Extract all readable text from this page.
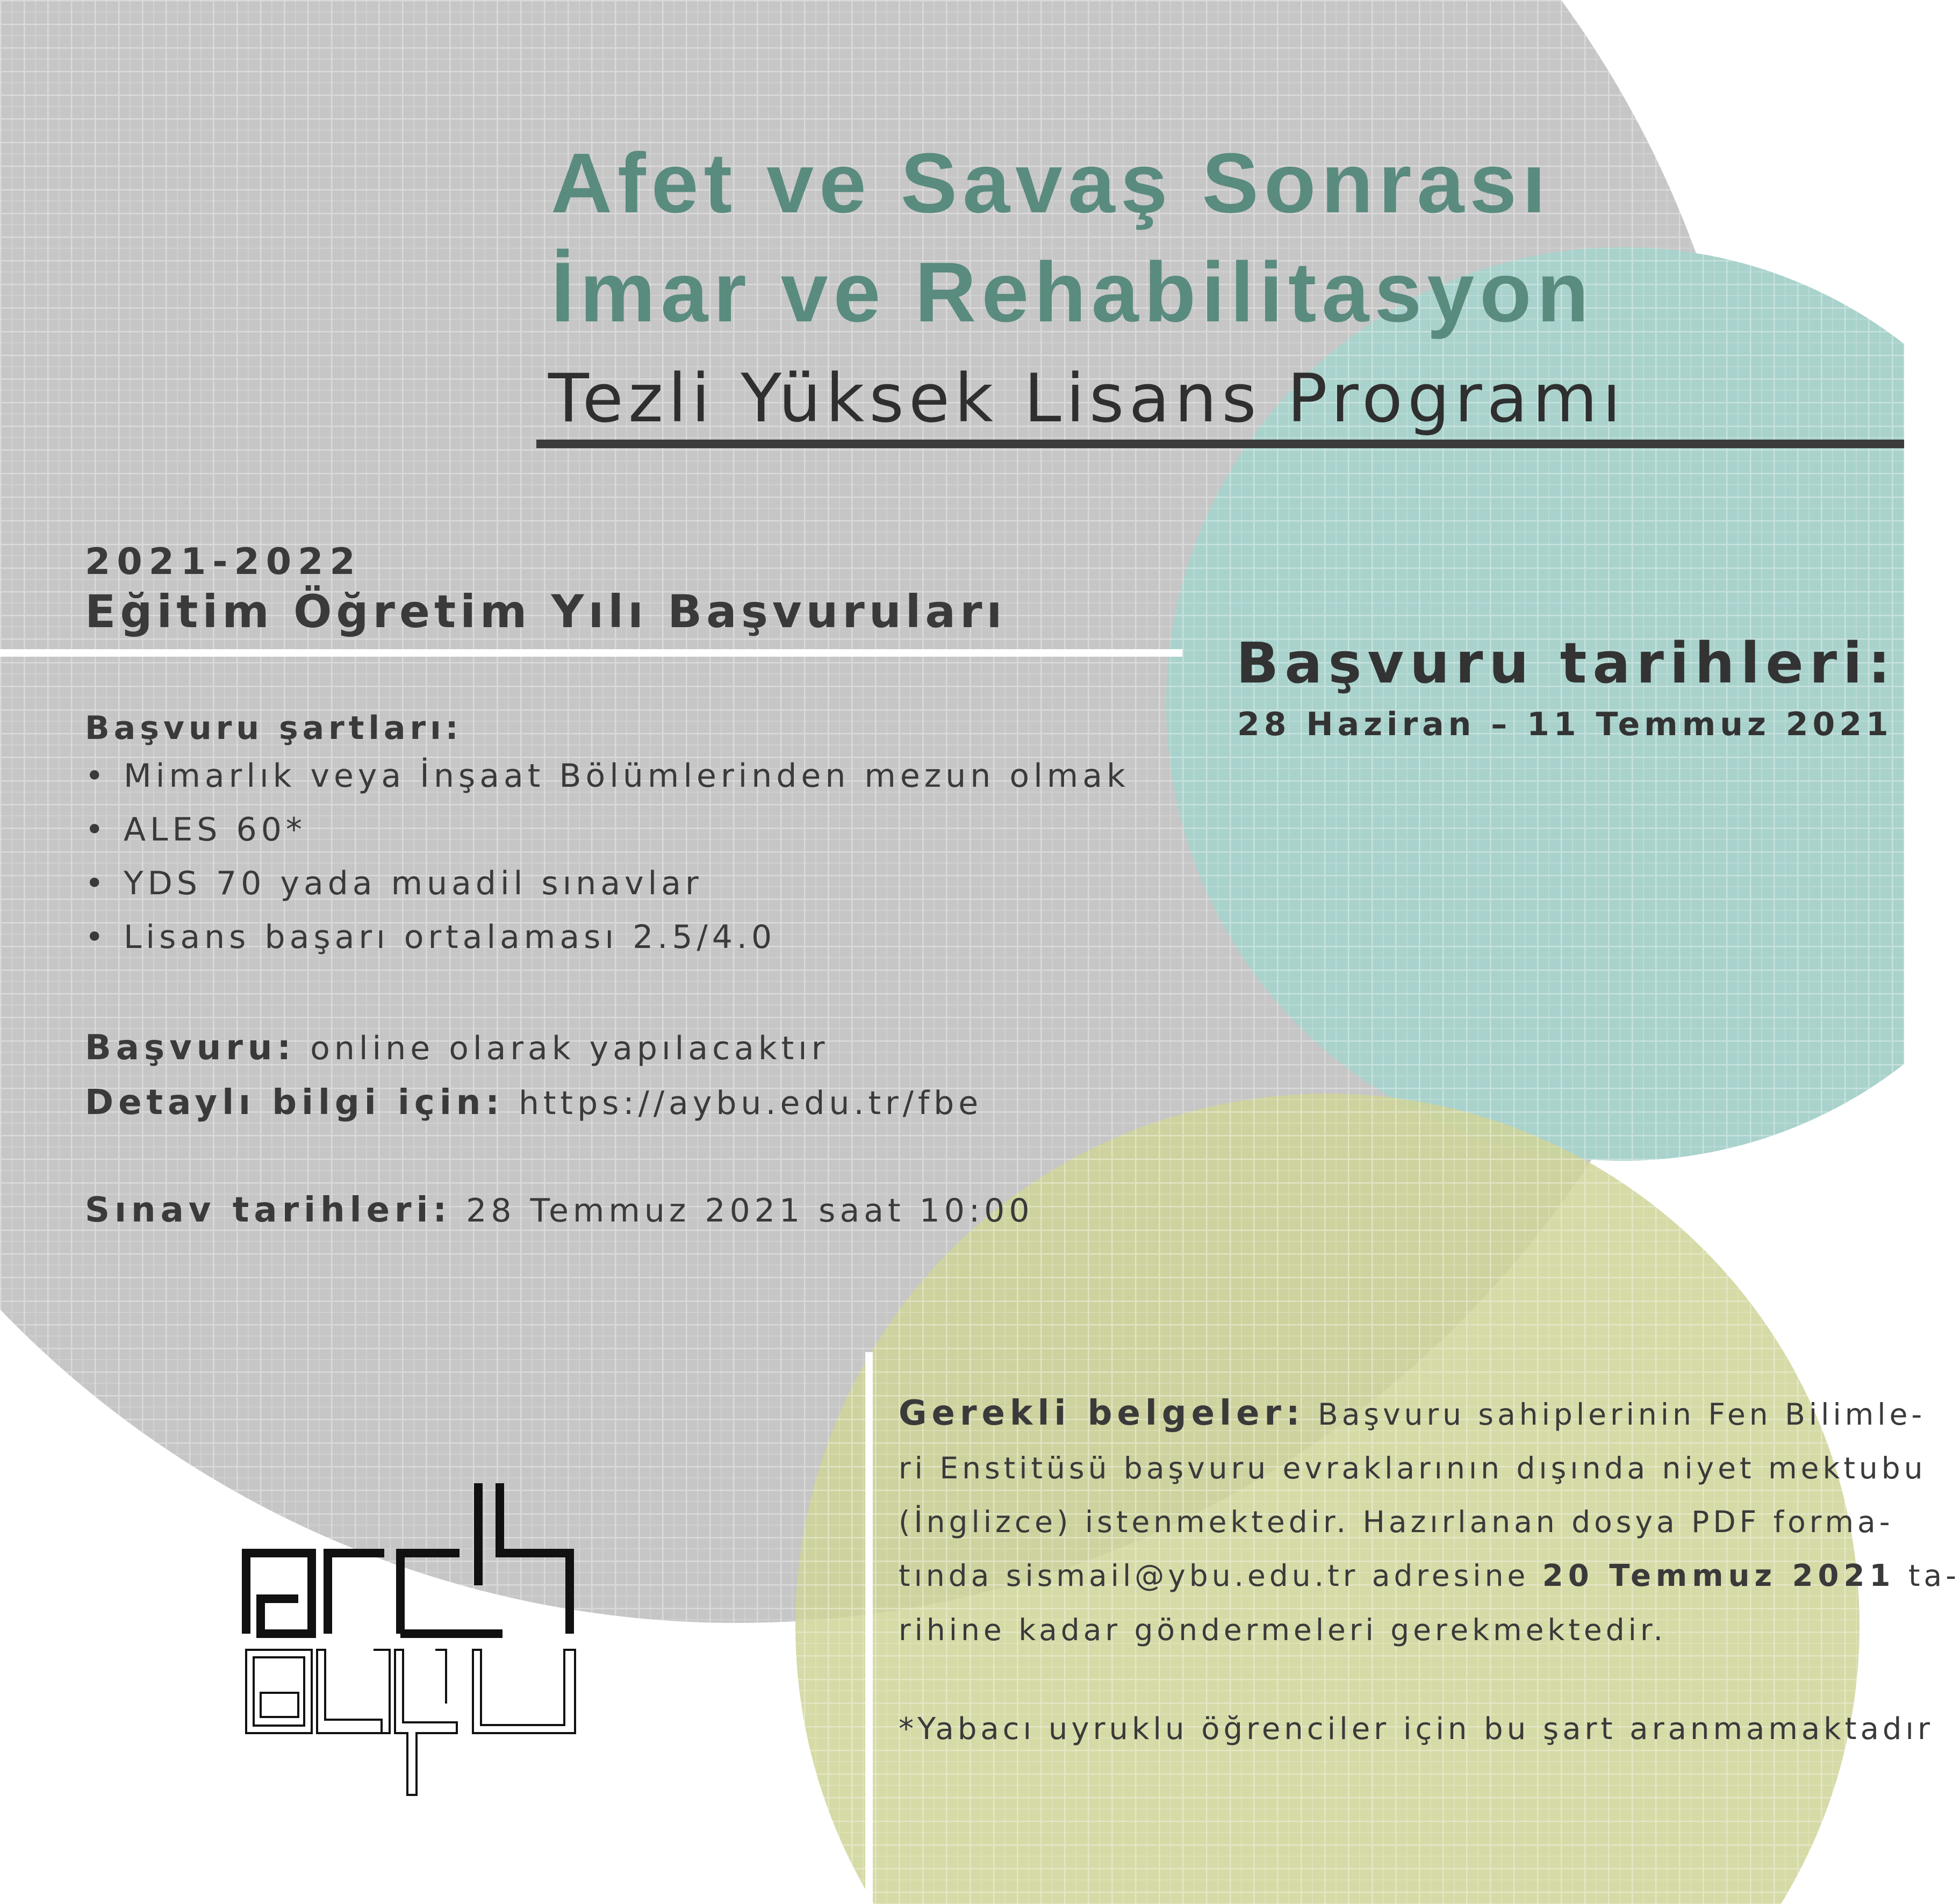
Afet ve Savaş Sonrası
İmar ve Rehabilitasyon
Tezli Yüksek Lisans Programı
2021-2022
Eğitim Öğretim Yılı Başvuruları
Başvuru şartları:
• Mimarlık veya İnşaat Bölümlerinden mezun olmak
• ALES 60*
• YDS 70 yada muadil sınavlar
• Lisans başarı ortalaması 2.5/4.0
Başvuru: online olarak yapılacaktır
Detaylı bilgi için: https://aybu.edu.tr/fbe
Sınav tarihleri: 28 Temmuz 2021 saat 10:00
Başvuru tarihleri:
28 Haziran – 11 Temmuz 2021
Gerekli belgeler: Başvuru sahiplerinin Fen Bilimle-
ri Enstitüsü başvuru evraklarının dışında niyet mektubu
(İnglizce) istenmektedir. Hazırlanan dosya PDF forma-
tında sismail@ybu.edu.tr adresine 20 Temmuz 2021 ta-
rihine kadar göndermeleri gerekmektedir.
*Yabacı uyruklu öğrenciler için bu şart aranmamaktadır
